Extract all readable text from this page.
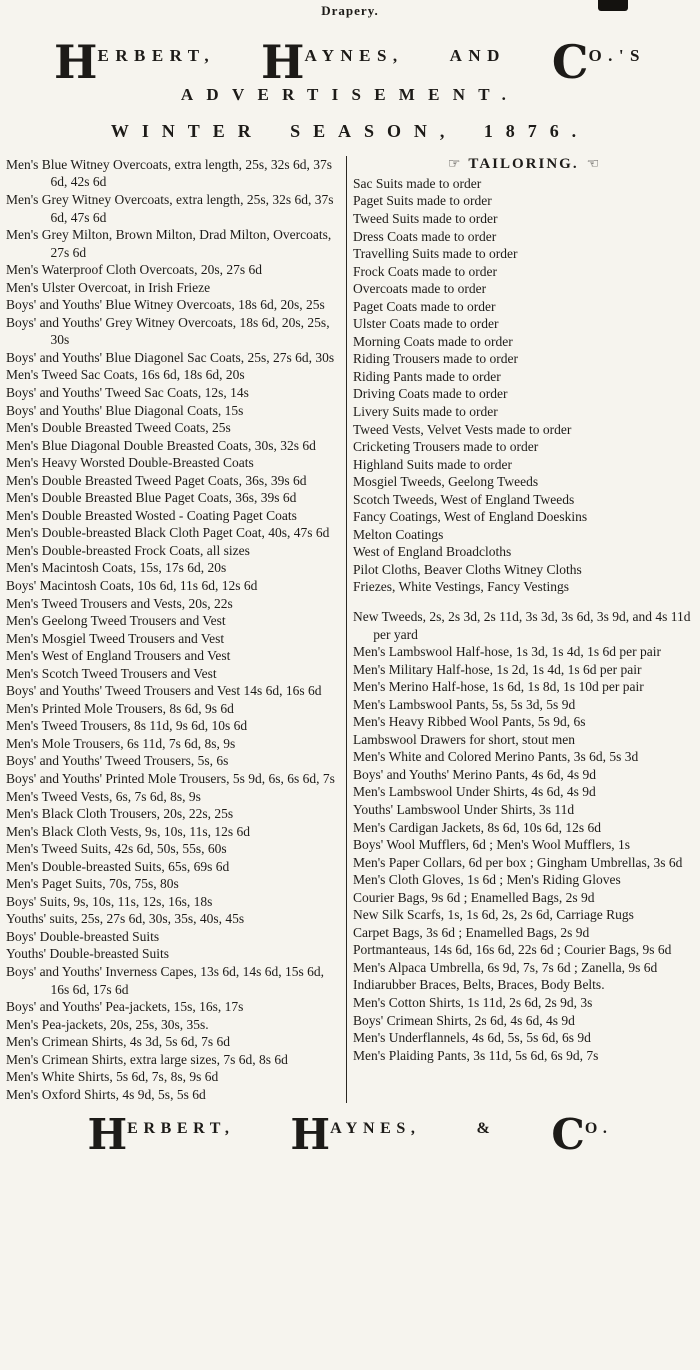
Drapery.
H ERBERT, H AYNES,	AND C O.'S
ADVERTISEMENT.
WINTER SEASON, 1876.

Men's Blue Witney Overcoats, extra length, 25s, 32s 6d, 37s 6d, 42s 6d

Men's Grey Witney Overcoats, extra length, 25s, 32s 6d, 37s 6d, 47s 6d

Men's Grey Milton, Brown Milton, Drad Milton, Overcoats, 27s 6d

Men's Waterproof Cloth Overcoats, 20s, 27s 6d

Men's Ulster Overcoat, in Irish Frieze

Boys' and Youths' Blue Witney Overcoats, 18s 6d, 20s, 25s

Boys' and Youths' Grey Witney Overcoats, 18s 6d, 20s, 25s, 30s

Boys' and Youths' Blue Diagonel Sac Coats, 25s, 27s 6d, 30s

Men's Tweed Sac Coats, 16s 6d, 18s 6d, 20s

Boys' and Youths' Tweed Sac Coats, 12s, 14s

Boys' and Youths' Blue Diagonal Coats, 15s

Men's Double Breasted Tweed Coats, 25s

Men's Blue Diagonal Double Breasted Coats, 30s, 32s 6d

Men's Heavy Worsted Double-Breasted Coats

Men's Double Breasted Tweed Paget Coats, 36s, 39s 6d

Men's Double Breasted Blue Paget Coats, 36s, 39s 6d

Men's Double Breasted Wosted - Coating Paget Coats

Men's Double-breasted Black Cloth Paget Coat, 40s, 47s 6d

Men's Double-breasted Frock Coats, all sizes

Men's Macintosh Coats, 15s, 17s 6d, 20s

Boys' Macintosh Coats, 10s 6d, 11s 6d, 12s 6d

Men's Tweed Trousers and Vests, 20s, 22s

Men's Geelong Tweed Trousers and Vest

Men's Mosgiel Tweed Trousers and Vest

Men's West of England Trousers and Vest

Men's Scotch Tweed Trousers and Vest

Boys' and Youths' Tweed Trousers and Vest 14s 6d, 16s 6d

Men's Printed Mole Trousers, 8s 6d, 9s 6d

Men's Tweed Trousers, 8s 11d, 9s 6d, 10s 6d

Men's Mole Trousers, 6s 11d, 7s 6d, 8s, 9s

Boys' and Youths' Tweed Trousers, 5s, 6s

Boys' and Youths' Printed Mole Trousers, 5s 9d, 6s, 6s 6d, 7s

Men's Tweed Vests, 6s, 7s 6d, 8s, 9s

Men's Black Cloth Trousers, 20s, 22s, 25s

Men's Black Cloth Vests, 9s, 10s, 11s, 12s 6d

Men's Tweed Suits, 42s 6d, 50s, 55s, 60s

Men's Double-breasted Suits, 65s, 69s 6d

Men's Paget Suits, 70s, 75s, 80s

Boys' Suits, 9s, 10s, 11s, 12s, 16s, 18s

Youths' suits, 25s, 27s 6d, 30s, 35s, 40s, 45s

Boys' Double-breasted Suits

Youths' Double-breasted Suits

Boys' and Youths' Inverness Capes, 13s 6d, 14s 6d, 15s 6d, 16s 6d, 17s 6d

Boys' and Youths' Pea-jackets, 15s, 16s, 17s

Men's Pea-jackets, 20s, 25s, 30s, 35s.

Men's Crimean Shirts, 4s 3d, 5s 6d, 7s 6d

Men's Crimean Shirts, extra large sizes, 7s 6d, 8s 6d

Men's White Shirts, 5s 6d, 7s, 8s, 9s 6d

Men's Oxford Shirts, 4s 9d, 5s, 5s 6d

☞ TAILORING. ☜

Sac Suits made to order

Paget Suits made to order

Tweed Suits made to order

Dress Coats made to order

Travelling Suits made to order

Frock Coats made to order

Overcoats made to order

Paget Coats made to order

Ulster Coats made to order

Morning Coats made to order

Riding Trousers made to order

Riding Pants made to order

Driving Coats made to order

Livery Suits made to order

Tweed Vests, Velvet Vests made to order

Cricketing Trousers made to order

Highland Suits made to order

Mosgiel Tweeds, Geelong Tweeds

Scotch Tweeds, West of England Tweeds

Fancy Coatings, West of England Doeskins

Melton Coatings

West of England Broadcloths

Pilot Cloths, Beaver Cloths Witney Cloths

Friezes, White Vestings, Fancy Vestings

New Tweeds, 2s, 2s 3d, 2s 11d, 3s 3d, 3s 6d, 3s 9d, and 4s 11d per yard

Men's Lambswool Half-hose, 1s 3d, 1s 4d, 1s 6d per pair

Men's Military Half-hose, 1s 2d, 1s 4d, 1s 6d per pair

Men's Merino Half-hose, 1s 6d, 1s 8d, 1s 10d per pair

Men's Lambswool Pants, 5s, 5s 3d, 5s 9d

Men's Heavy Ribbed Wool Pants, 5s 9d, 6s

Lambswool Drawers for short, stout men

Men's White and Colored Merino Pants, 3s 6d, 5s 3d

Boys' and Youths' Merino Pants, 4s 6d, 4s 9d

Men's Lambswool Under Shirts, 4s 6d, 4s 9d

Youths' Lambswool Under Shirts, 3s 11d

Men's Cardigan Jackets, 8s 6d, 10s 6d, 12s 6d

Boys' Wool Mufflers, 6d ; Men's Wool Mufflers, 1s

Men's Paper Collars, 6d per box ; Gingham Umbrellas, 3s 6d

Men's Cloth Gloves, 1s 6d ; Men's Riding Gloves

Courier Bags, 9s 6d ; Enamelled Bags, 2s 9d

New Silk Scarfs, 1s, 1s 6d, 2s, 2s 6d, Carriage Rugs

Carpet Bags, 3s 6d ; Enamelled Bags, 2s 9d

Portmanteaus, 14s 6d, 16s 6d, 22s 6d ; Courier Bags, 9s 6d

Men's Alpaca Umbrella, 6s 9d, 7s, 7s 6d ; Zanella, 9s 6d

Indiarubber Braces, Belts, Braces, Body Belts.

Men's Cotton Shirts, 1s 11d, 2s 6d, 2s 9d, 3s

Boys' Crimean Shirts, 2s 6d, 4s 6d, 4s 9d

Men's Underflannels, 4s 6d, 5s, 5s 6d, 6s 9d

Men's Plaiding Pants, 3s 11d, 5s 6d, 6s 9d, 7s

H ERBERT, H AYNES,	& C O.
